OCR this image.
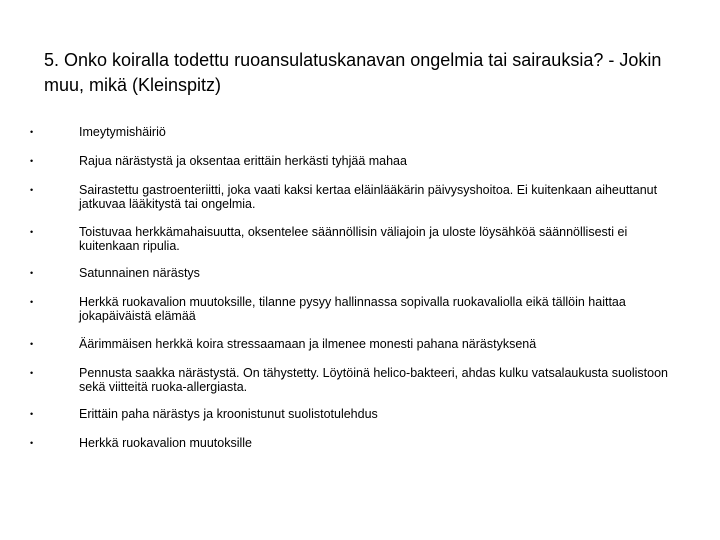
5. Onko koiralla todettu ruoansulatuskanavan ongelmia tai sairauksia? - Jokin muu, mikä (Kleinspitz)
•	Imeytymishäiriö
•	Rajua närästystä ja oksentaa erittäin herkästi tyhjää mahaa
•	Sairastettu gastroenteriitti, joka vaati kaksi kertaa eläinlääkärin päivysyshoitoa. Ei kuitenkaan aiheuttanut jatkuvaa lääkitystä tai ongelmia.
•	Toistuvaa herkkämahaisuutta, oksentelee säännöllisin väliajoin ja uloste löysähköä säännöllisesti ei kuitenkaan ripulia.
•	Satunnainen närästys
•	Herkkä ruokavalion muutoksille, tilanne pysyy hallinnassa sopivalla ruokavaliolla eikä tällöin haittaa jokapäiväistä elämää
•	Äärimmäisen herkkä koira stressaamaan ja ilmenee monesti pahana närästyksenä
•	Pennusta saakka närästystä. On tähystetty. Löytöinä helico-bakteeri, ahdas kulku vatsalaukusta suolistoon sekä viitteitä ruoka-allergiasta.
•	Erittäin paha närästys ja kroonistunut suolistotulehdus
•	Herkkä ruokavalion muutoksille
